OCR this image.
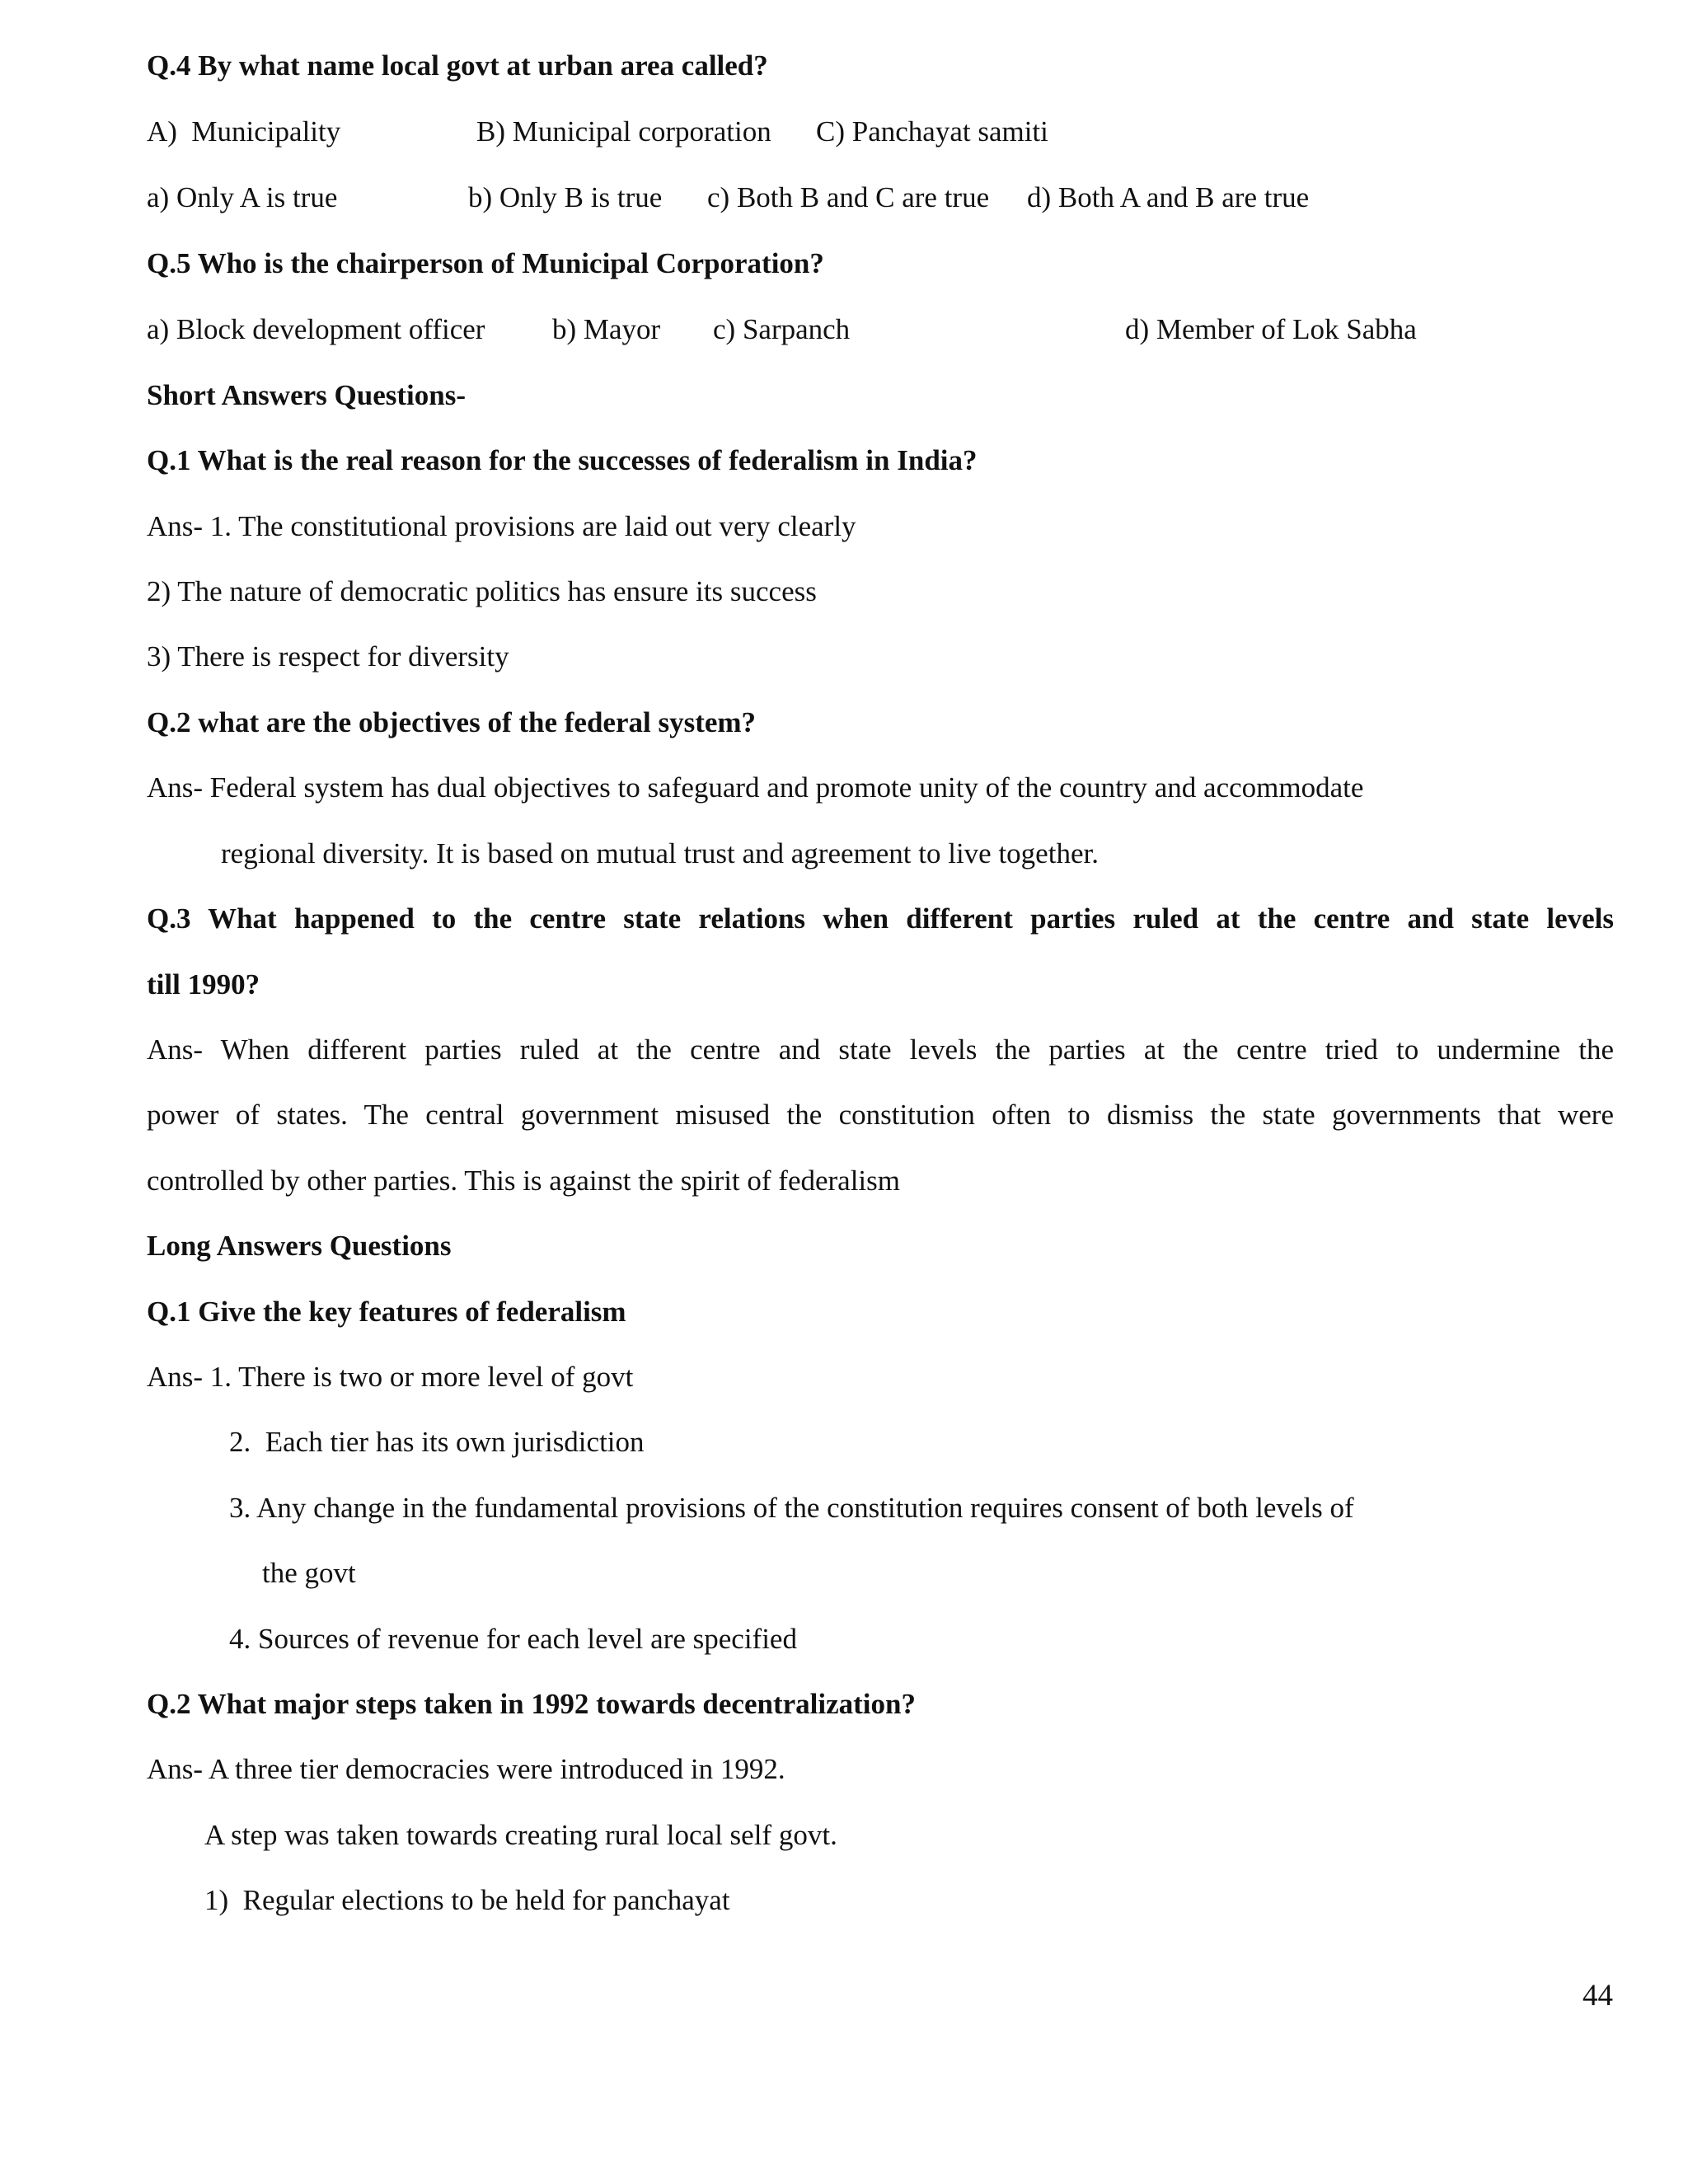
Q.4 By what name local govt at urban area called?
A)  Municipality	B) Municipal corporation C) Panchayat samiti
a) Only A is true	b) Only B is true c) Both B and C are true d) Both A and B are true
Q.5 Who is the chairperson of Municipal Corporation?
a) Block development officer b) Mayor c) Sarpanch	d) Member of Lok Sabha
Short Answers Questions-
Q.1 What is the real reason for the successes of federalism in India?
Ans- 1. The constitutional provisions are laid out very clearly
2) The nature of democratic politics has ensure its success
3) There is respect for diversity
Q.2 what are the objectives of the federal system?
Ans- Federal system has dual objectives to safeguard and promote unity of the country and accommodate
regional diversity. It is based on mutual trust and agreement to live together.
Q.3 What happened to the centre state relations when different parties ruled at the centre and state levels
till 1990?
Ans- When different parties ruled at the centre and state levels the parties at the centre tried to undermine the
power of states. The central government misused the constitution often to dismiss the state governments that were
controlled by other parties. This is against the spirit of federalism
Long Answers Questions
Q.1 Give the key features of federalism
Ans- 1. There is two or more level of govt
2.  Each tier has its own jurisdiction
3. Any change in the fundamental provisions of the constitution requires consent of both levels of
the govt
4. Sources of revenue for each level are specified
Q.2 What major steps taken in 1992 towards decentralization?
Ans- A three tier democracies were introduced in 1992.
A step was taken towards creating rural local self govt.
1)  Regular elections to be held for panchayat
44
